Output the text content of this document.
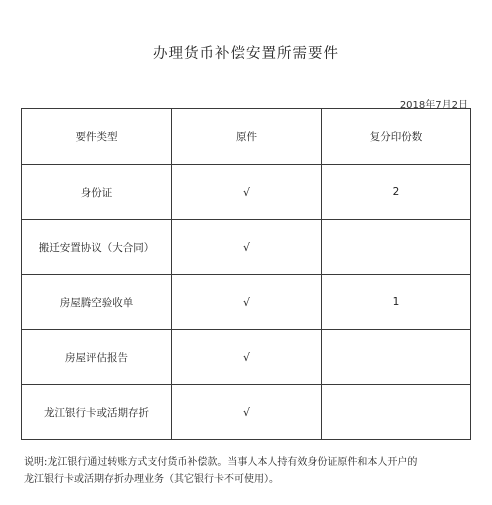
办理货币补偿安置所需要件
2018年7月2日
要件类型	原件	复分印份数
身份证	√	2
搬迁安置协议（大合同）	√	
房屋腾空验收单	√	1
房屋评估报告	√	
龙江银行卡或活期存折	√	
说明:龙江银行通过转账方式支付货币补偿款。当事人本人持有效身份证原件和本人开户的
龙江银行卡或活期存折办理业务（其它银行卡不可使用）。
